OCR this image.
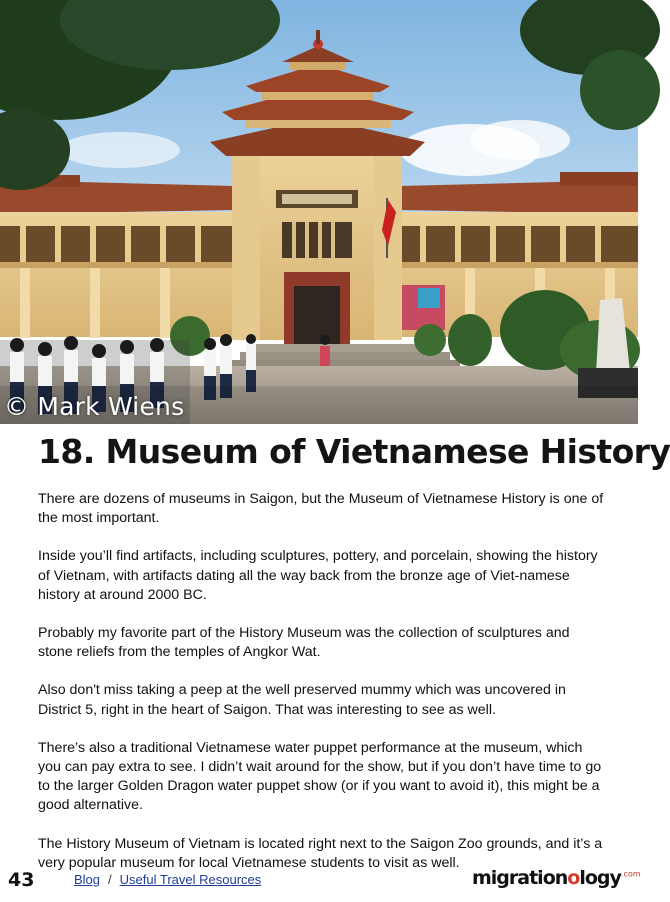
© Mark Wiens
18. Museum of Vietnamese History

There are dozens of museums in Saigon, but the Museum of Vietnamese History is one of the most important.

Inside you’ll find artifacts, including sculptures, pottery, and porcelain, showing the history of Vietnam, with artifacts dating all the way back from the bronze age of Viet-namese history at around 2000 BC.

Probably my favorite part of the History Museum was the collection of sculptures and stone reliefs from the temples of Angkor Wat.

Also don't miss taking a peep at the well preserved mummy which was uncovered in District 5, right in the heart of Saigon. That was interesting to see as well.

There’s also a traditional Vietnamese water puppet performance at the museum, which you can pay extra to see. I didn’t wait around for the show, but if you don’t have time to go to the larger Golden Dragon water puppet show (or if you want to avoid it), this might be a good alternative.

The History Museum of Vietnam is located right next to the Saigon Zoo grounds, and it’s a very popular museum for local Vietnamese students to visit as well.

43	Blog / Useful Travel Resources	migrationology$^{.com}$
